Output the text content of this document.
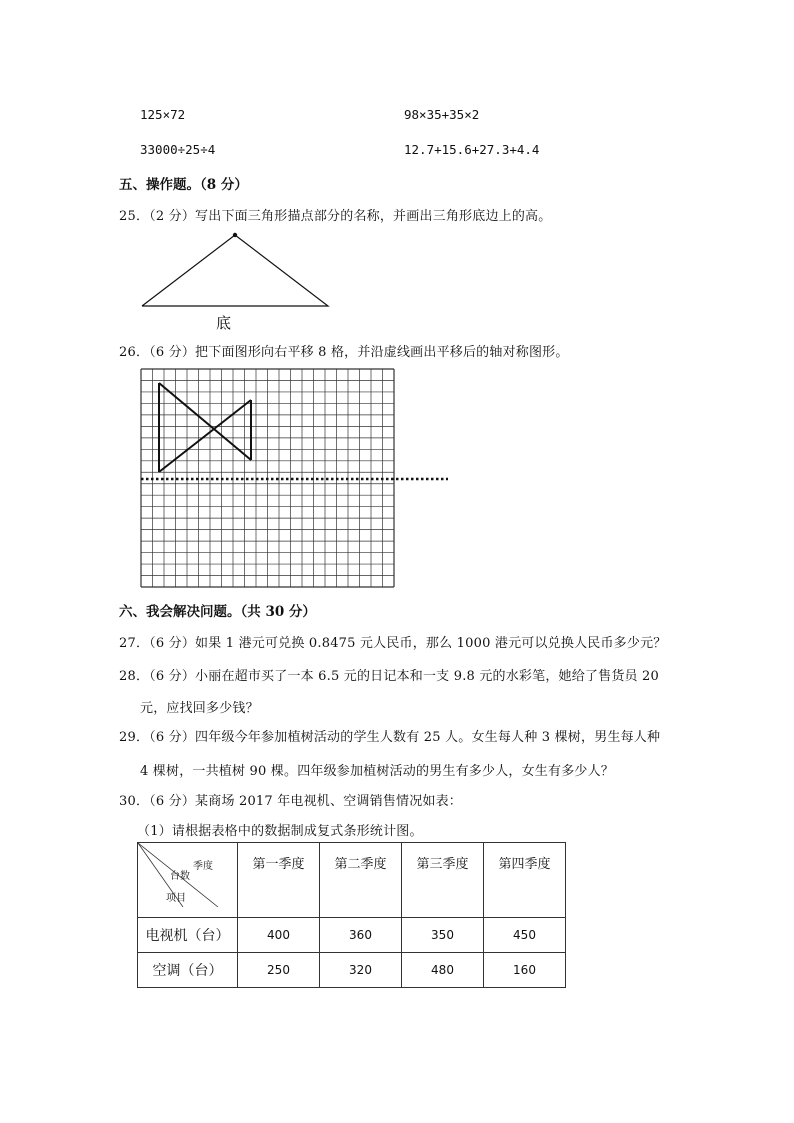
125×72	98×35+35×2
33000÷25÷4	12.7+15.6+27.3+4.4
五、操作题。（8 分）
25．（2 分）写出下面三角形描点部分的名称，并画出三角形底边上的高。
底
26．（6 分）把下面图形向右平移 8 格，并沿虚线画出平移后的轴对称图形。
六、我会解决问题。（共 30 分）
27．（6 分）如果 1 港元可兑换 0.8475 元人民币，那么 1000 港元可以兑换人民币多少元？
28．（6 分）小丽在超市买了一本 6.5 元的日记本和一支 9.8 元的水彩笔，她给了售货员 20
元，应找回多少钱？
29．（6 分）四年级今年参加植树活动的学生人数有 25 人。女生每人种 3 棵树，男生每人种
4 棵树，一共植树 90 棵。四年级参加植树活动的男生有多少人，女生有多少人？
30．（6 分）某商场 2017 年电视机、空调销售情况如表：
（1）请根据表格中的数据制成复式条形统计图。
季度
台数
项目	第一季度	第二季度	第三季度	第四季度
电视机（台）	400	360	350	450
空调（台）	250	320	480	160
